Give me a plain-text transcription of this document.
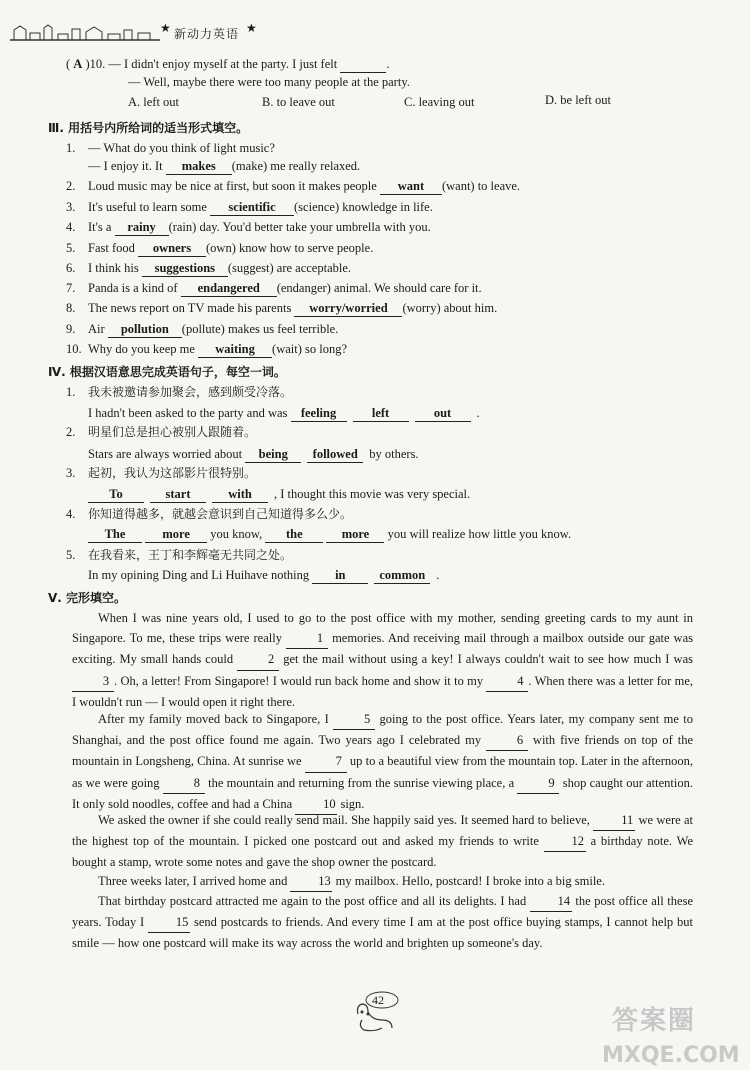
★ 新动力英语 ★
( A )10. — I didn't enjoy myself at the party. I just felt	.
— Well, maybe there were too many people at the party.
A. left out	B. to leave out	C. leaving out	D. be left out
Ⅲ. 用括号内所给词的适当形式填空。
1. — What do you think of light music?
— I enjoy it. It makes (make) me really relaxed.
2. Loud music may be nice at first, but soon it makes people want (want) to leave.
3. It's useful to learn some scientific (science) knowledge in life.
4. It's a rainy (rain) day. You'd better take your umbrella with you.
5. Fast food owners (own) know how to serve people.
6. I think his suggestions (suggest) are acceptable.
7. Panda is a kind of endangered (endanger) animal. We should care for it.
8. The news report on TV made his parents worry/worried (worry) about him.
9. Air pollution (pollute) makes us feel terrible.
10. Why do you keep me waiting (wait) so long?
Ⅳ. 根据汉语意思完成英语句子，每空一词。
1. 我未被邀请参加聚会，感到颇受冷落。
I hadn't been asked to the party and was feeling	left	out .
2. 明星们总是担心被别人跟随着。
Stars are always worried about being followed by others.
3. 起初，我认为这部影片很特别。
To	start	with , I thought this movie was very special.
4. 你知道得越多，就越会意识到自己知道得多么少。
The	more you know, the	more you will realize how little you know.
5. 在我看来，王丁和李辉毫无共同之处。
In my opining Ding and Li Huihave nothing in	common .
Ⅴ. 完形填空。
When I was nine years old, I used to go to the post office with my mother, sending greeting cards to my aunt in Singapore. To me, these trips were really 1 memories. And receiving mail through a mailbox outside our gate was exciting. My small hands could 2 get the mail without using a key! I always couldn't wait to see how much I was 3 . Oh, a letter! From Singapore! I would run back home and show it to my 4 . When there was a letter for me, I wouldn't run — I would open it right there.
After my family moved back to Singapore, I 5 going to the post office. Years later, my company sent me to Shanghai, and the post office found me again. Two years ago I celebrated my 6 with five friends on top of the mountain in Longsheng, China. At sunrise we 7 up to a beautiful view from the mountain top. Later in the afternoon, as we were going 8 the mountain and returning from the sunrise viewing place, a 9 shop caught our attention. It only sold noodles, coffee and had a China 10 sign.
We asked the owner if she could really send mail. She happily said yes. It seemed hard to believe, 11 we were at the highest top of the mountain. I picked one postcard out and asked my friends to write 12 a birthday note. We bought a stamp, wrote some notes and gave the shop owner the postcard.
Three weeks later, I arrived home and 13 my mailbox. Hello, postcard! I broke into a big smile.
That birthday postcard attracted me again to the post office and all its delights. I had 14 the post office all these years. Today I 15 send postcards to friends. And every time I am at the post office buying stamps, I cannot help but smile — how one postcard will make its way across the world and brighten up someone's day.
42
答案圈
MXQE.COM
